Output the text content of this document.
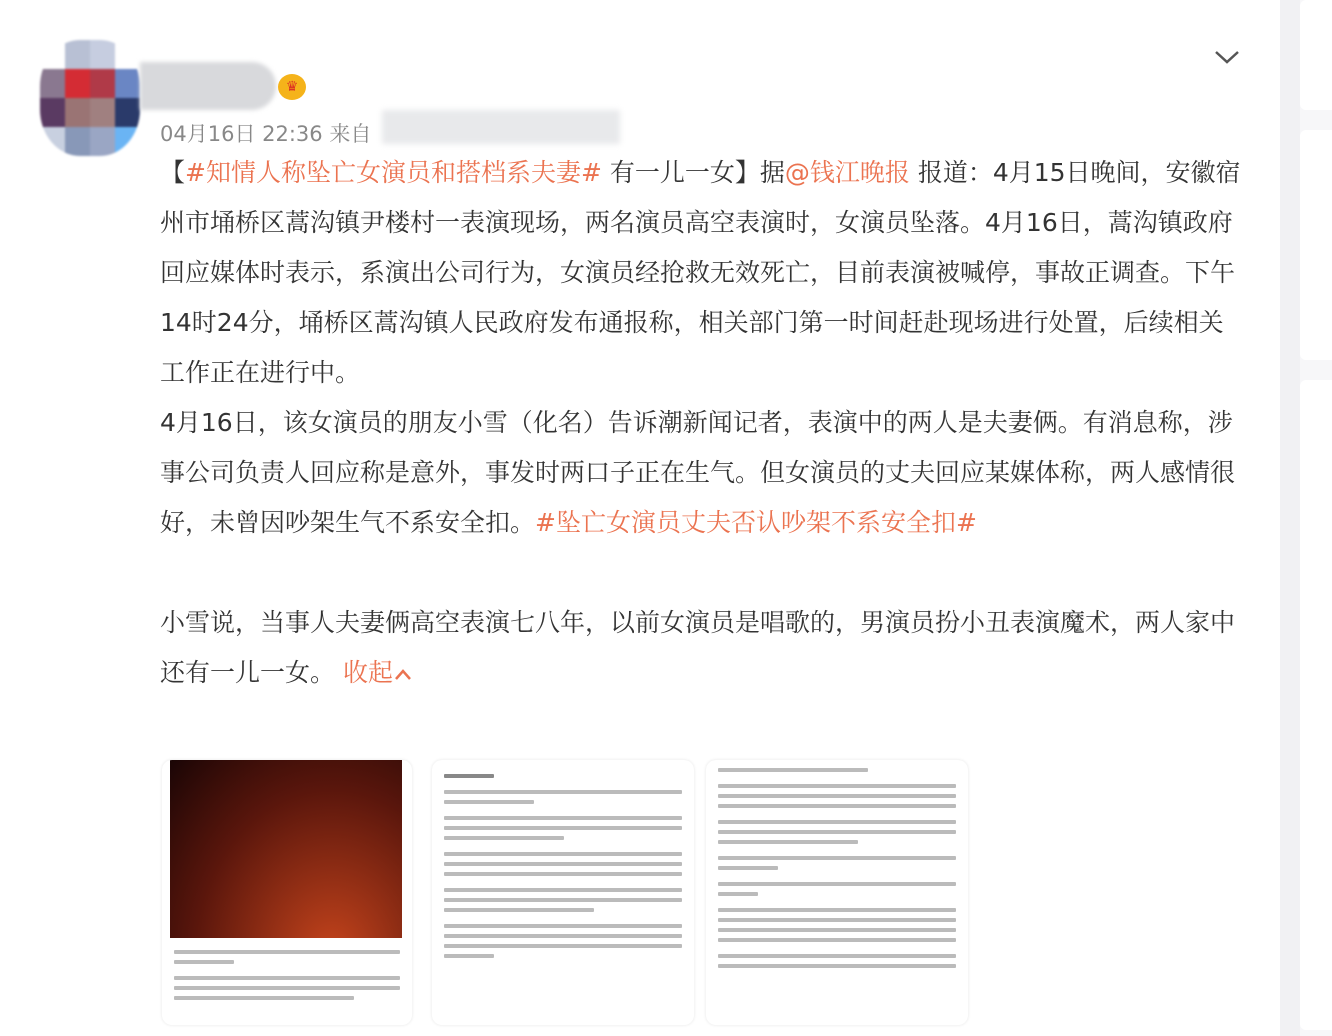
♛
04月16日 22:36 来自
【#知情人称坠亡女演员和搭档系夫妻# 有一儿一女】据@钱江晚报 报道：4月15日晚间，安徽宿州市埇桥区蒿沟镇尹楼村一表演现场，两名演员高空表演时，女演员坠落。4月16日，蒿沟镇政府回应媒体时表示，系演出公司行为，女演员经抢救无效死亡，目前表演被喊停，事故正调查。下午14时24分，埇桥区蒿沟镇人民政府发布通报称，相关部门第一时间赶赴现场进行处置，后续相关工作正在进行中。
4月16日，该女演员的朋友小雪（化名）告诉潮新闻记者，表演中的两人是夫妻俩。有消息称，涉事公司负责人回应称是意外，事发时两口子正在生气。但女演员的丈夫回应某媒体称，两人感情很好，未曾因吵架生气不系安全扣。#坠亡女演员丈夫否认吵架不系安全扣#
小雪说，当事人夫妻俩高空表演七八年，以前女演员是唱歌的，男演员扮小丑表演魔术，两人家中还有一儿一女。 收起
